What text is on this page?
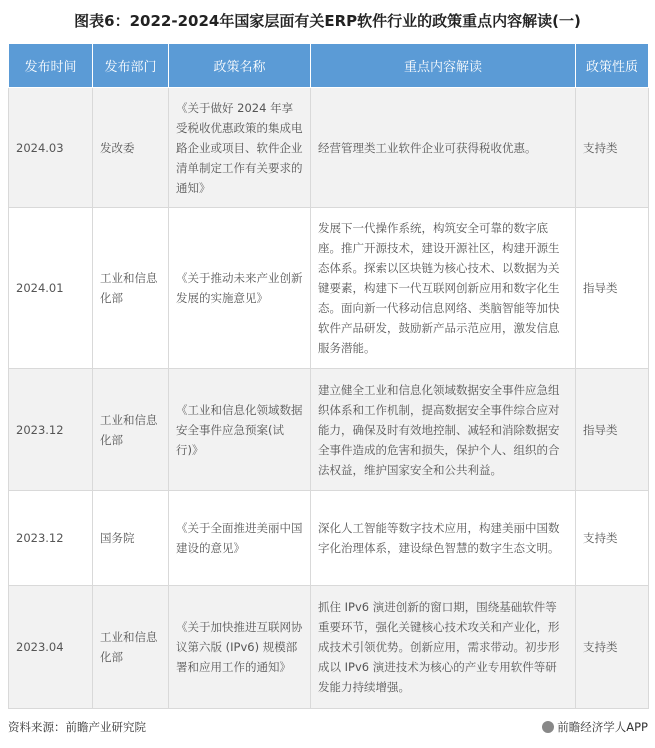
图表6：2022-2024年国家层面有关ERP软件行业的政策重点内容解读(一)
发布时间	发布部门	政策名称	重点内容解读	政策性质
2024.03	发改委	《关于做好 2024 年享受税收优惠政策的集成电路企业或项目、软件企业清单制定工作有关要求的通知》	经营管理类工业软件企业可获得税收优惠。	支持类
2024.01	工业和信息化部	《关于推动未来产业创新发展的实施意见》	发展下一代操作系统，构筑安全可靠的数字底座。推广开源技术，建设开源社区，构建开源生态体系。探索以区块链为核心技术、以数据为关键要素，构建下一代互联网创新应用和数字化生态。面向新一代移动信息网络、类脑智能等加快软件产品研发，鼓励新产品示范应用，激发信息服务潜能。	指导类
2023.12	工业和信息化部	《工业和信息化领域数据安全事件应急预案(试行)》	建立健全工业和信息化领域数据安全事件应急组织体系和工作机制，提高数据安全事件综合应对能力，确保及时有效地控制、减轻和消除数据安全事件造成的危害和损失，保护个人、组织的合法权益，维护国家安全和公共利益。	指导类
2023.12	国务院	《关于全面推进美丽中国建设的意见》	深化人工智能等数字技术应用，构建美丽中国数字化治理体系，建设绿色智慧的数字生态文明。	支持类
2023.04	工业和信息化部	《关于加快推进互联网协议第六版 (IPv6) 规模部署和应用工作的通知》	抓住 IPv6 演进创新的窗口期，围绕基础软件等重要环节，强化关键核心技术攻关和产业化，形成技术引领优势。创新应用，需求带动。初步形成以 IPv6 演进技术为核心的产业专用软件等研发能力持续增强。	支持类
资料来源：前瞻产业研究院	前瞻经济学人APP
